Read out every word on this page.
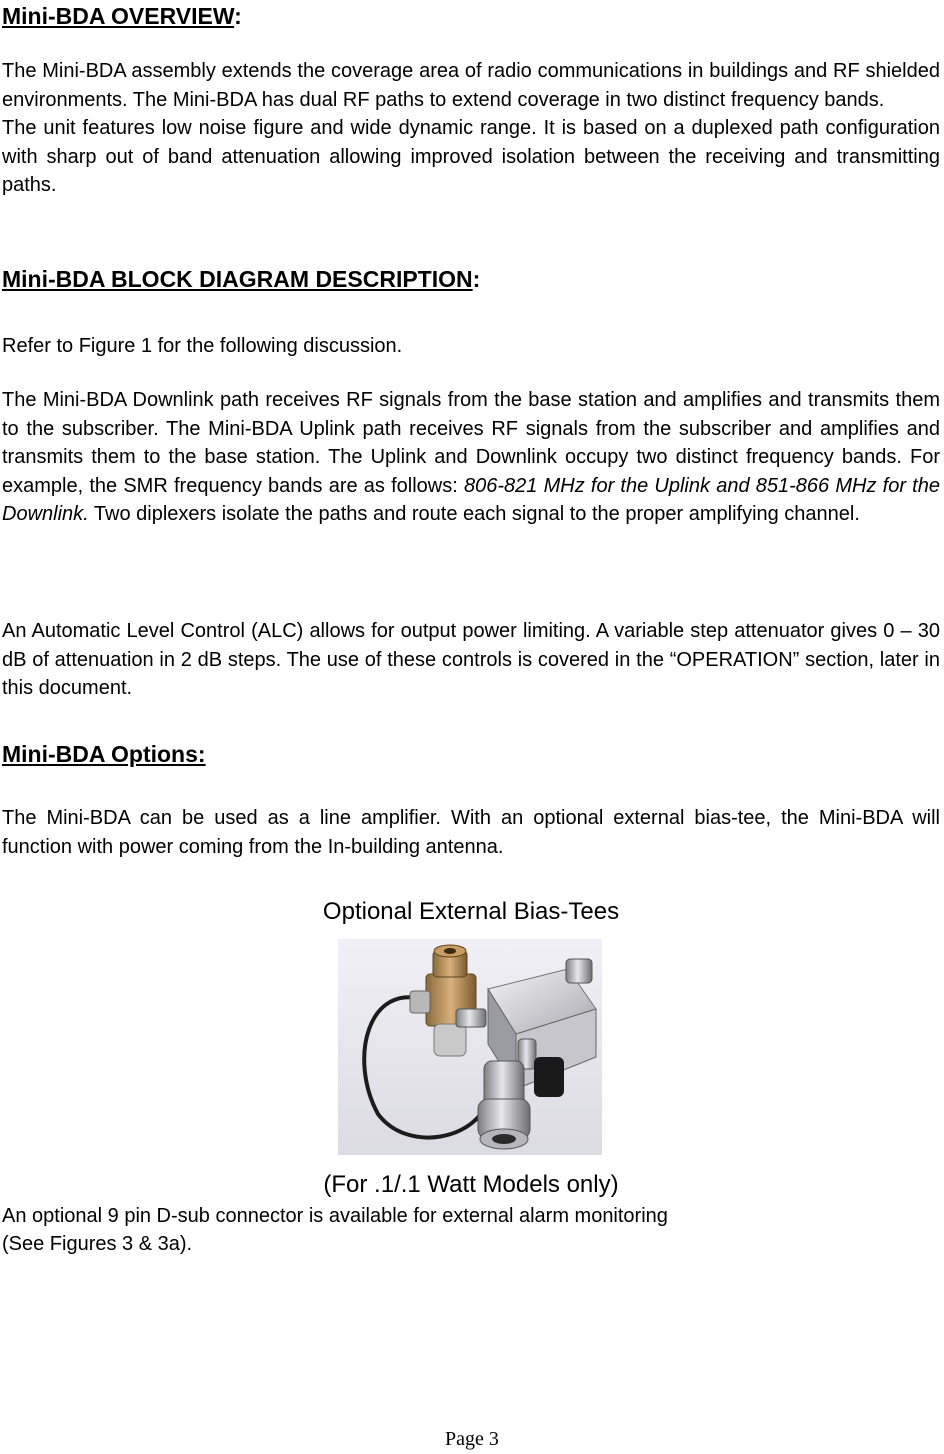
Mini-BDA OVERVIEW:

The Mini-BDA assembly extends the coverage area of radio communications in buildings and RF shielded environments. The Mini-BDA has dual RF paths to extend coverage in two distinct frequency bands.

The unit features low noise figure and wide dynamic range. It is based on a duplexed path configuration with sharp out of band attenuation allowing improved isolation between the receiving and transmitting paths.

Mini-BDA BLOCK DIAGRAM DESCRIPTION:

Refer to Figure 1 for the following discussion.

The Mini-BDA Downlink path receives RF signals from the base station and amplifies and transmits them to the subscriber. The Mini-BDA Uplink path receives RF signals from the subscriber and amplifies and transmits them to the base station. The Uplink and Downlink occupy two distinct frequency bands. For example, the SMR frequency bands are as follows: 806-821 MHz for the Uplink and 851-866 MHz for the Downlink. Two diplexers isolate the paths and route each signal to the proper amplifying channel.

An Automatic Level Control (ALC) allows for output power limiting. A variable step attenuator gives 0 – 30 dB of attenuation in 2 dB steps. The use of these controls is covered in the “OPERATION” section, later in this document.

Mini-BDA Options:

The Mini-BDA can be used as a line amplifier. With an optional external bias-tee, the Mini-BDA will function with power coming from the In-building antenna.

Optional External Bias-Tees

(For .1/.1 Watt Models only)

An optional 9 pin D-sub connector is available for external alarm monitoring

(See Figures 3 & 3a).

Page 3
